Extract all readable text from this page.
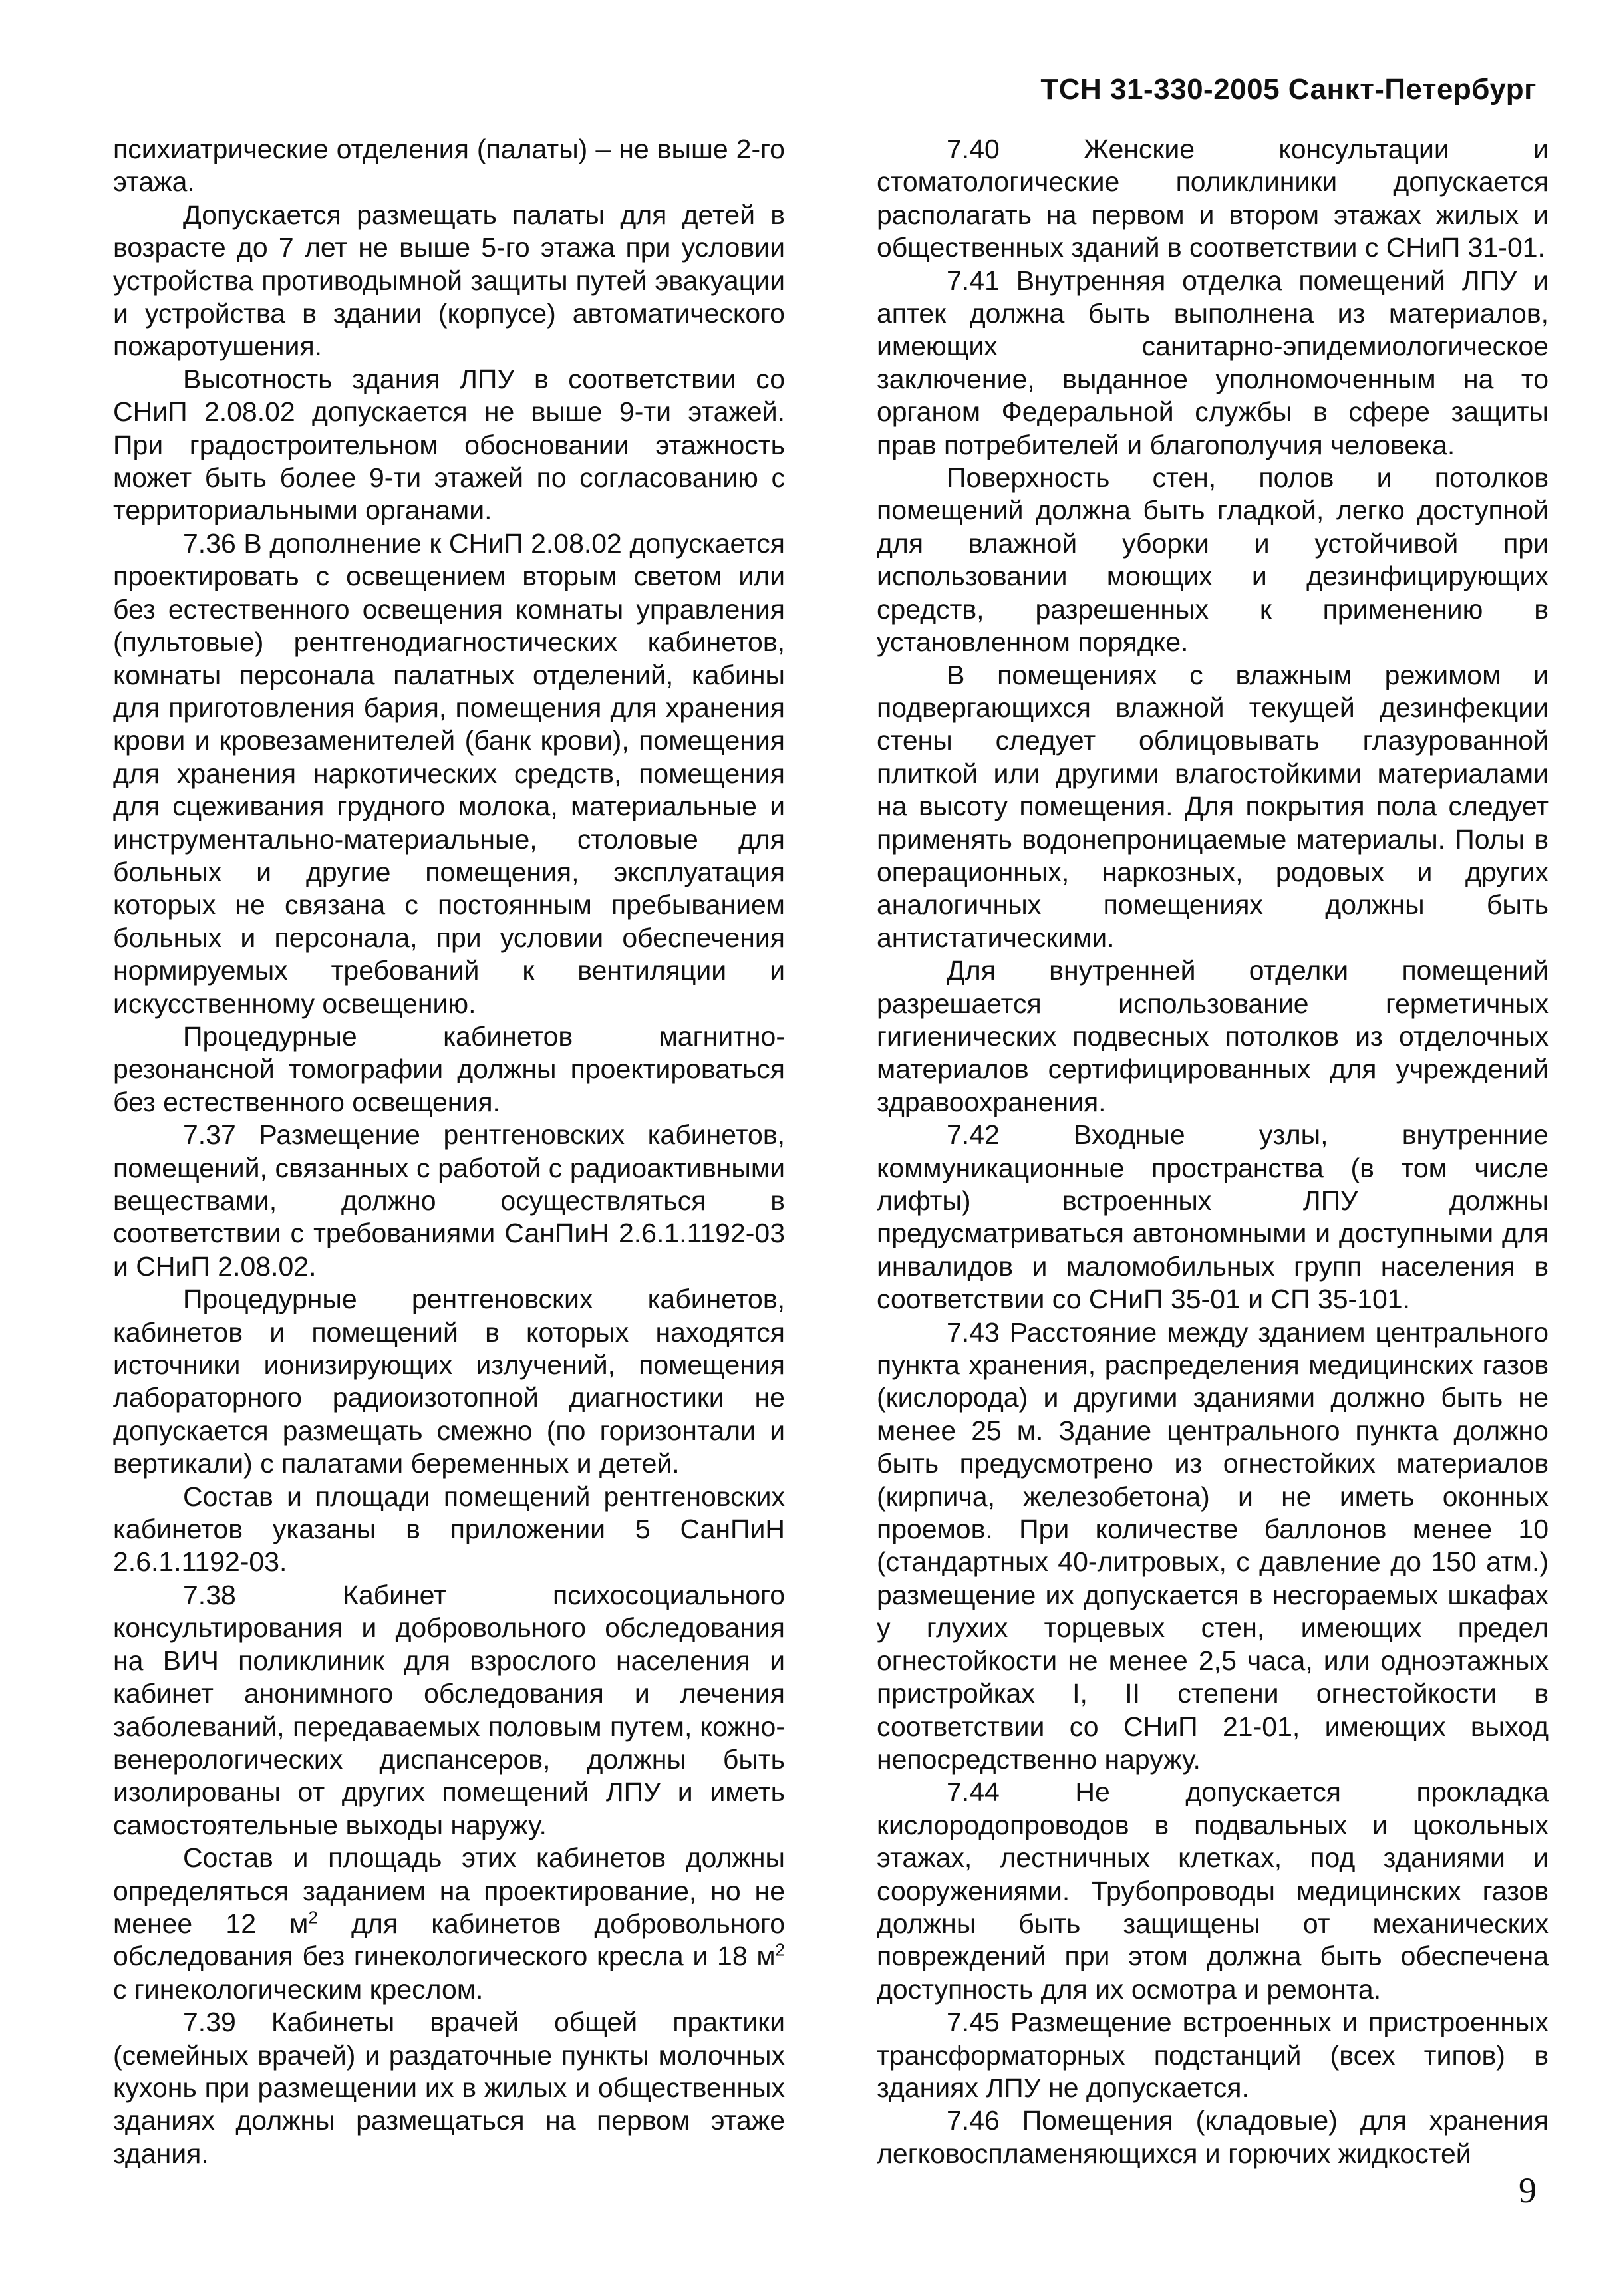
ТСН 31-330-2005 Санкт-Петербург

психиатрические отделения (палаты) – не выше 2-го этажа.

Допускается размещать палаты для детей в возрасте до 7 лет не выше 5-го этажа при условии устройства противодымной защиты путей эвакуации и устройства в здании (корпусе) автоматического пожаротушения.

Высотность здания ЛПУ в соответствии со СНиП 2.08.02 допускается не выше 9-ти этажей. При градостроительном обосновании этажность может быть более 9-ти этажей по согласованию с территориальными органами.

7.36 В дополнение к СНиП 2.08.02 допускается проектировать с освещением вторым светом или без естественного освещения комнаты управления (пультовые) рентгенодиагностических кабинетов, комнаты персонала палатных отделений, кабины для приготовления бария, помещения для хранения крови и кровезаменителей (банк крови), помещения для хранения наркотических средств, помещения для сцеживания грудного молока, материальные и инструментально-материальные, столовые для больных и другие помещения, эксплуатация которых не связана с постоянным пребыванием больных и персонала, при условии обеспечения нормируемых требований к вентиляции и искусственному освещению.

Процедурные кабинетов магнитно-резонансной томографии должны проектироваться без естественного освещения.

7.37 Размещение рентгеновских кабинетов, помещений, связанных с работой с радиоактивными веществами, должно осуществляться в соответствии с требованиями СанПиН 2.6.1.1192-03 и СНиП 2.08.02.

Процедурные рентгеновских кабинетов, кабинетов и помещений в которых находятся источники ионизирующих излучений, помещения лабораторного радиоизотопной диагностики не допускается размещать смежно (по горизонтали и вертикали) с палатами беременных и детей.

Состав и площади помещений рентгеновских кабинетов указаны в приложении 5 СанПиН 2.6.1.1192-03.

7.38 Кабинет психосоциального консультирования и добровольного обследования на ВИЧ поликлиник для взрослого населения и кабинет анонимного обследования и лечения заболеваний, передаваемых половым путем, кожно-венерологических диспансеров, должны быть изолированы от других помещений ЛПУ и иметь самостоятельные выходы наружу.

Состав и площадь этих кабинетов должны определяться заданием на проектирование, но не менее 12 $м^2$ для кабинетов добровольного обследования без гинекологического кресла и 18 $м^2$ с гинекологическим креслом.

7.39 Кабинеты врачей общей практики (семейных врачей) и раздаточные пункты молочных кухонь при размещении их в жилых и общественных зданиях должны размещаться на первом этаже здания.

7.40 Женские консультации и стоматологические поликлиники допускается располагать на первом и втором этажах жилых и общественных зданий в соответствии с СНиП 31-01.

7.41 Внутренняя отделка помещений ЛПУ и аптек должна быть выполнена из материалов, имеющих санитарно-эпидемиологическое заключение, выданное уполномоченным на то органом Федеральной службы в сфере защиты прав потребителей и благополучия человека.

Поверхность стен, полов и потолков помещений должна быть гладкой, легко доступной для влажной уборки и устойчивой при использовании моющих и дезинфицирующих средств, разрешенных к применению в установленном порядке.

В помещениях с влажным режимом и подвергающихся влажной текущей дезинфекции стены следует облицовывать глазурованной плиткой или другими влагостойкими материалами на высоту помещения. Для покрытия пола следует применять водонепроницаемые материалы. Полы в операционных, наркозных, родовых и других аналогичных помещениях должны быть антистатическими.

Для внутренней отделки помещений разрешается использование герметичных гигиенических подвесных потолков из отделочных материалов сертифицированных для учреждений здравоохранения.

7.42 Входные узлы, внутренние коммуникационные пространства (в том числе лифты) встроенных ЛПУ должны предусматриваться автономными и доступными для инвалидов и маломобильных групп населения в соответствии со СНиП 35-01 и СП 35-101.

7.43 Расстояние между зданием центрального пункта хранения, распределения медицинских газов (кислорода) и другими зданиями должно быть не менее 25 м. Здание центрального пункта должно быть предусмотрено из огнестойких материалов (кирпича, железобетона) и не иметь оконных проемов. При количестве баллонов менее 10 (стандартных 40-литровых, с давление до 150 атм.) размещение их допускается в несгораемых шкафах у глухих торцевых стен, имеющих предел огнестойкости не менее 2,5 часа, или одноэтажных пристройках I, II степени огнестойкости в соответствии со СНиП 21-01, имеющих выход непосредственно наружу.

7.44 Не допускается прокладка кислородопроводов в подвальных и цокольных этажах, лестничных клетках, под зданиями и сооружениями. Трубопроводы медицинских газов должны быть защищены от механических повреждений при этом должна быть обеспечена доступность для их осмотра и ремонта.

7.45 Размещение встроенных и пристроенных трансформаторных подстанций (всех типов) в зданиях ЛПУ не допускается.

7.46 Помещения (кладовые) для хранения легковоспламеняющихся и горючих жидкостей

9
